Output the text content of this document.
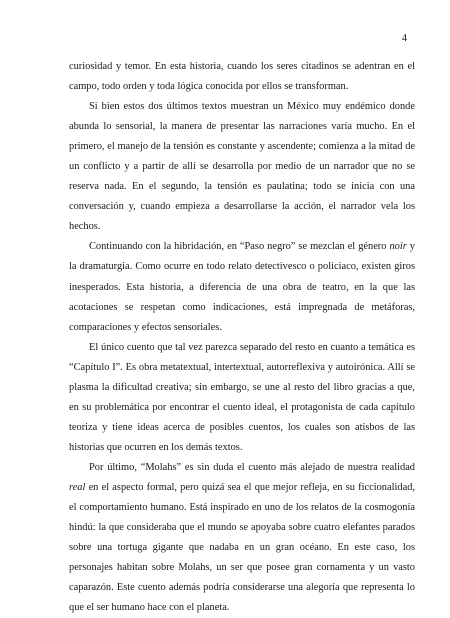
4

curiosidad y temor. En esta historia, cuando los seres citadinos se adentran en el campo, todo orden y toda lógica conocida por ellos se transforman.

Si bien estos dos últimos textos muestran un México muy endémico donde abunda lo sensorial, la manera de presentar las narraciones varía mucho. En el primero, el manejo de la tensión es constante y ascendente; comienza a la mitad de un conflicto y a partir de allí se desarrolla por medio de un narrador que no se reserva nada. En el segundo, la tensión es paulatina; todo se inicia con una conversación y, cuando empieza a desarrollarse la acción, el narrador vela los hechos.

Continuando con la hibridación, en “Paso negro” se mezclan el género noir y la dramaturgia. Como ocurre en todo relato detectivesco o policiaco, existen giros inesperados. Esta historia, a diferencia de una obra de teatro, en la que las acotaciones se respetan como indicaciones, está impregnada de metáforas, comparaciones y efectos sensoriales.

El único cuento que tal vez parezca separado del resto en cuanto a temática es “Capítulo I”. Es obra metatextual, intertextual, autorreflexiva y autoirónica. Allí se plasma la dificultad creativa; sin embargo, se une al resto del libro gracias a que, en su problemática por encontrar el cuento ideal, el protagonista de cada capítulo teoriza y tiene ideas acerca de posibles cuentos, los cuales son atisbos de las historias que ocurren en los demás textos.

Por último, “Molahs” es sin duda el cuento más alejado de nuestra realidad real en el aspecto formal, pero quizá sea el que mejor refleja, en su ficcionalidad, el comportamiento humano. Está inspirado en uno de los relatos de la cosmogonía hindú: la que consideraba que el mundo se apoyaba sobre cuatro elefantes parados sobre una tortuga gigante que nadaba en un gran océano. En este caso, los personajes habitan sobre Molahs, un ser que posee gran cornamenta y un vasto caparazón. Este cuento además podría considerarse una alegoría que representa lo que el ser humano hace con el planeta.
